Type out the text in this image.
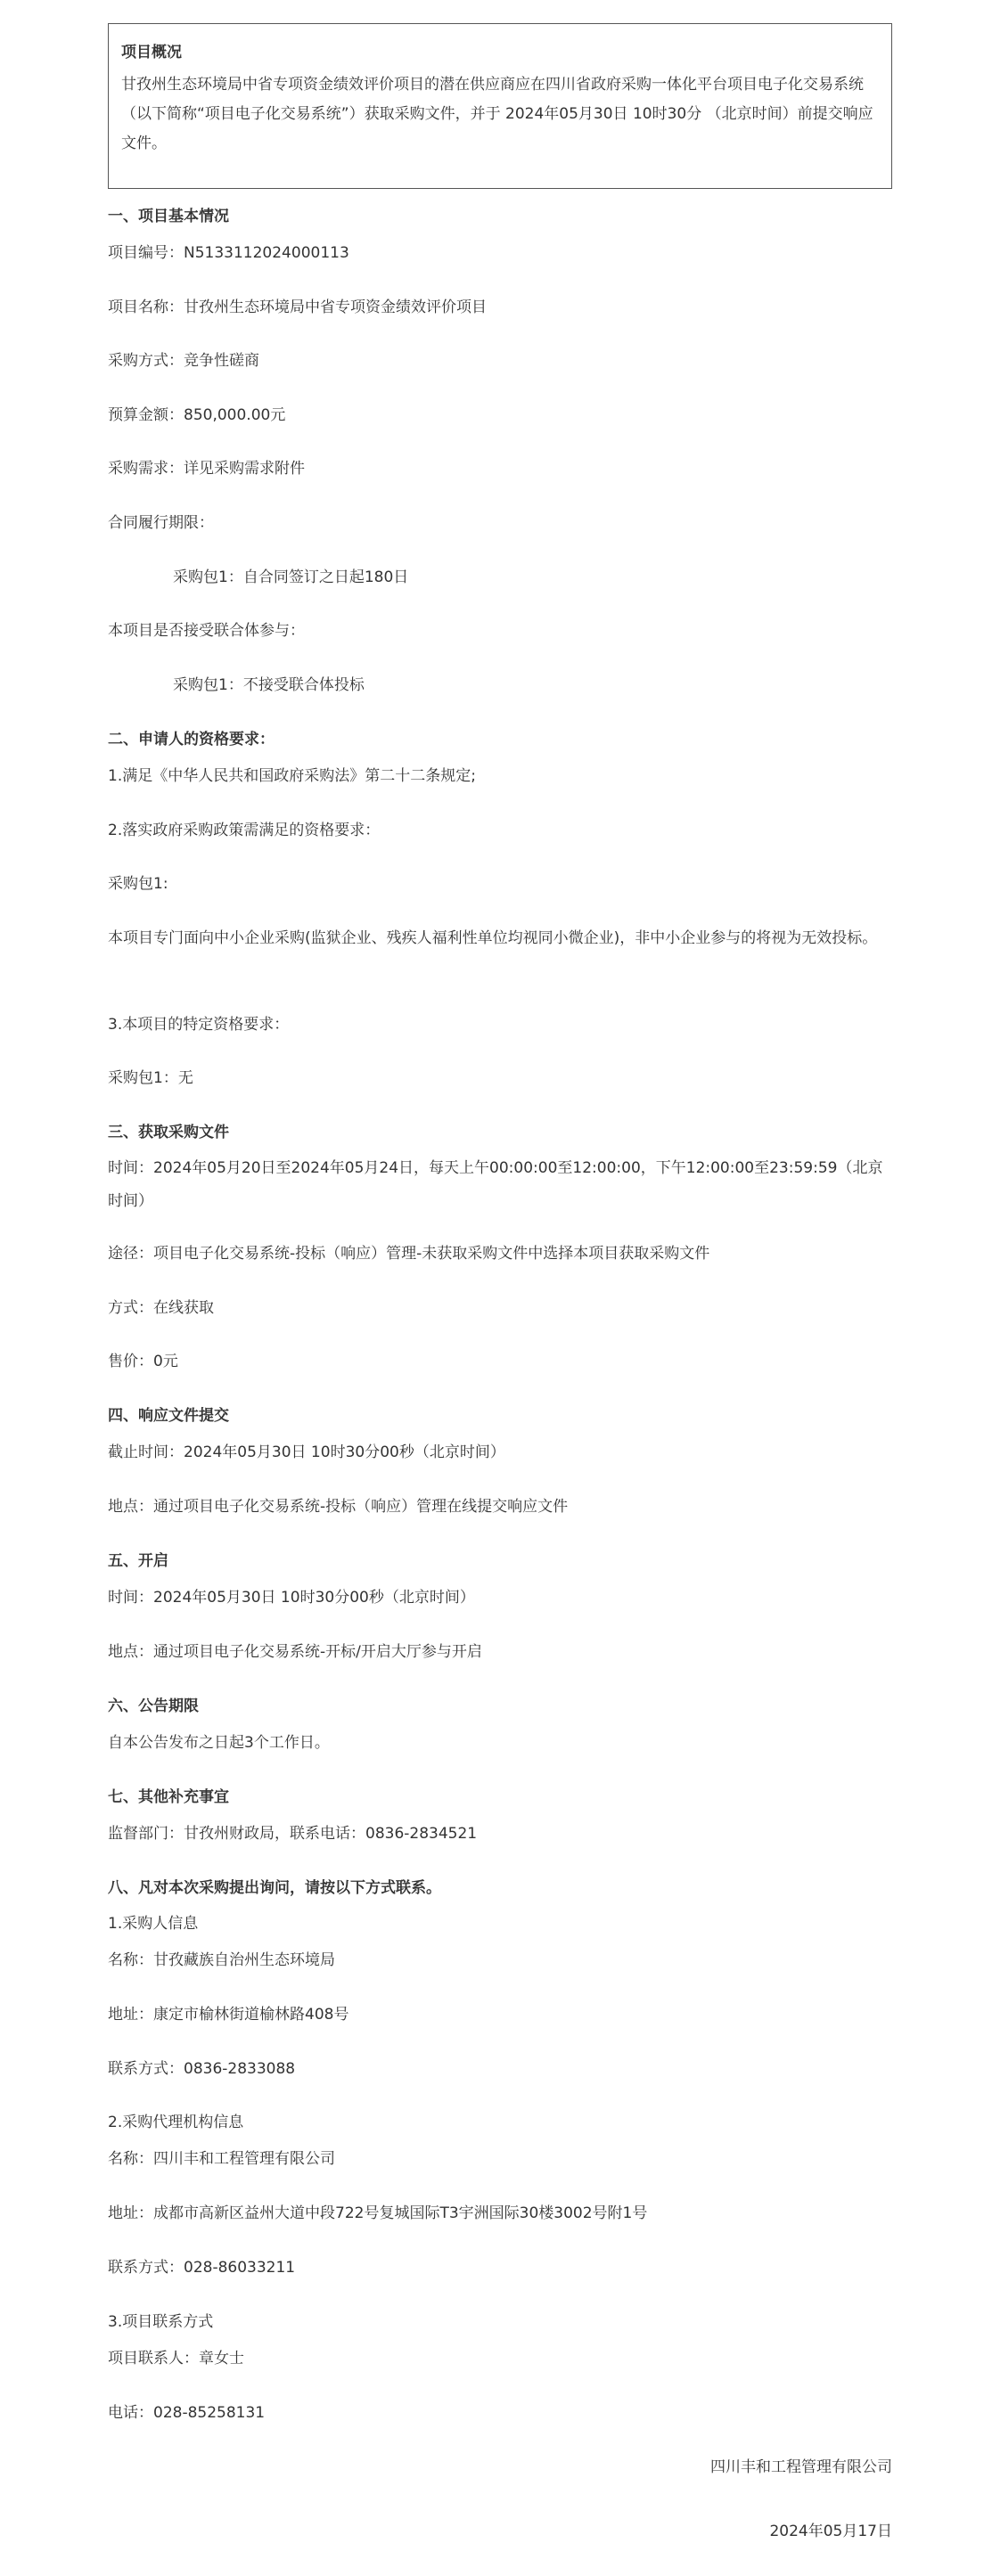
项目概况
甘孜州生态环境局中省专项资金绩效评价项目的潜在供应商应在四川省政府采购一体化平台项目电子化交易系统（以下简称“项目电子化交易系统”）获取采购文件，并于 2024年05月30日 10时30分 （北京时间）前提交响应文件。
一、项目基本情况
项目编号：N5133112024000113
项目名称：甘孜州生态环境局中省专项资金绩效评价项目
采购方式：竞争性磋商
预算金额：850,000.00元
采购需求：详见采购需求附件
合同履行期限：
采购包1：自合同签订之日起180日
本项目是否接受联合体参与：
采购包1：不接受联合体投标
二、申请人的资格要求：
1.满足《中华人民共和国政府采购法》第二十二条规定;
2.落实政府采购政策需满足的资格要求：
采购包1:
本项目专门面向中小企业采购(监狱企业、残疾人福利性单位均视同小微企业)，非中小企业参与的将视为无效投标。
3.本项目的特定资格要求：
采购包1：无
三、获取采购文件
时间：2024年05月20日至2024年05月24日，每天上午00:00:00至12:00:00，下午12:00:00至23:59:59（北京时间）
途径：项目电子化交易系统-投标（响应）管理-未获取采购文件中选择本项目获取采购文件
方式：在线获取
售价：0元
四、响应文件提交
截止时间：2024年05月30日 10时30分00秒（北京时间）
地点：通过项目电子化交易系统-投标（响应）管理在线提交响应文件
五、开启
时间：2024年05月30日 10时30分00秒（北京时间）
地点：通过项目电子化交易系统-开标/开启大厅参与开启
六、公告期限
自本公告发布之日起3个工作日。
七、其他补充事宜
监督部门：甘孜州财政局，联系电话：0836-2834521
八、凡对本次采购提出询问，请按以下方式联系。
1.采购人信息
名称：甘孜藏族自治州生态环境局
地址：康定市榆林街道榆林路408号
联系方式：0836-2833088
2.采购代理机构信息
名称：四川丰和工程管理有限公司
地址：成都市高新区益州大道中段722号复城国际T3宇洲国际30楼3002号附1号
联系方式：028-86033211
3.项目联系方式
项目联系人：章女士
电话：028-85258131
四川丰和工程管理有限公司
2024年05月17日
